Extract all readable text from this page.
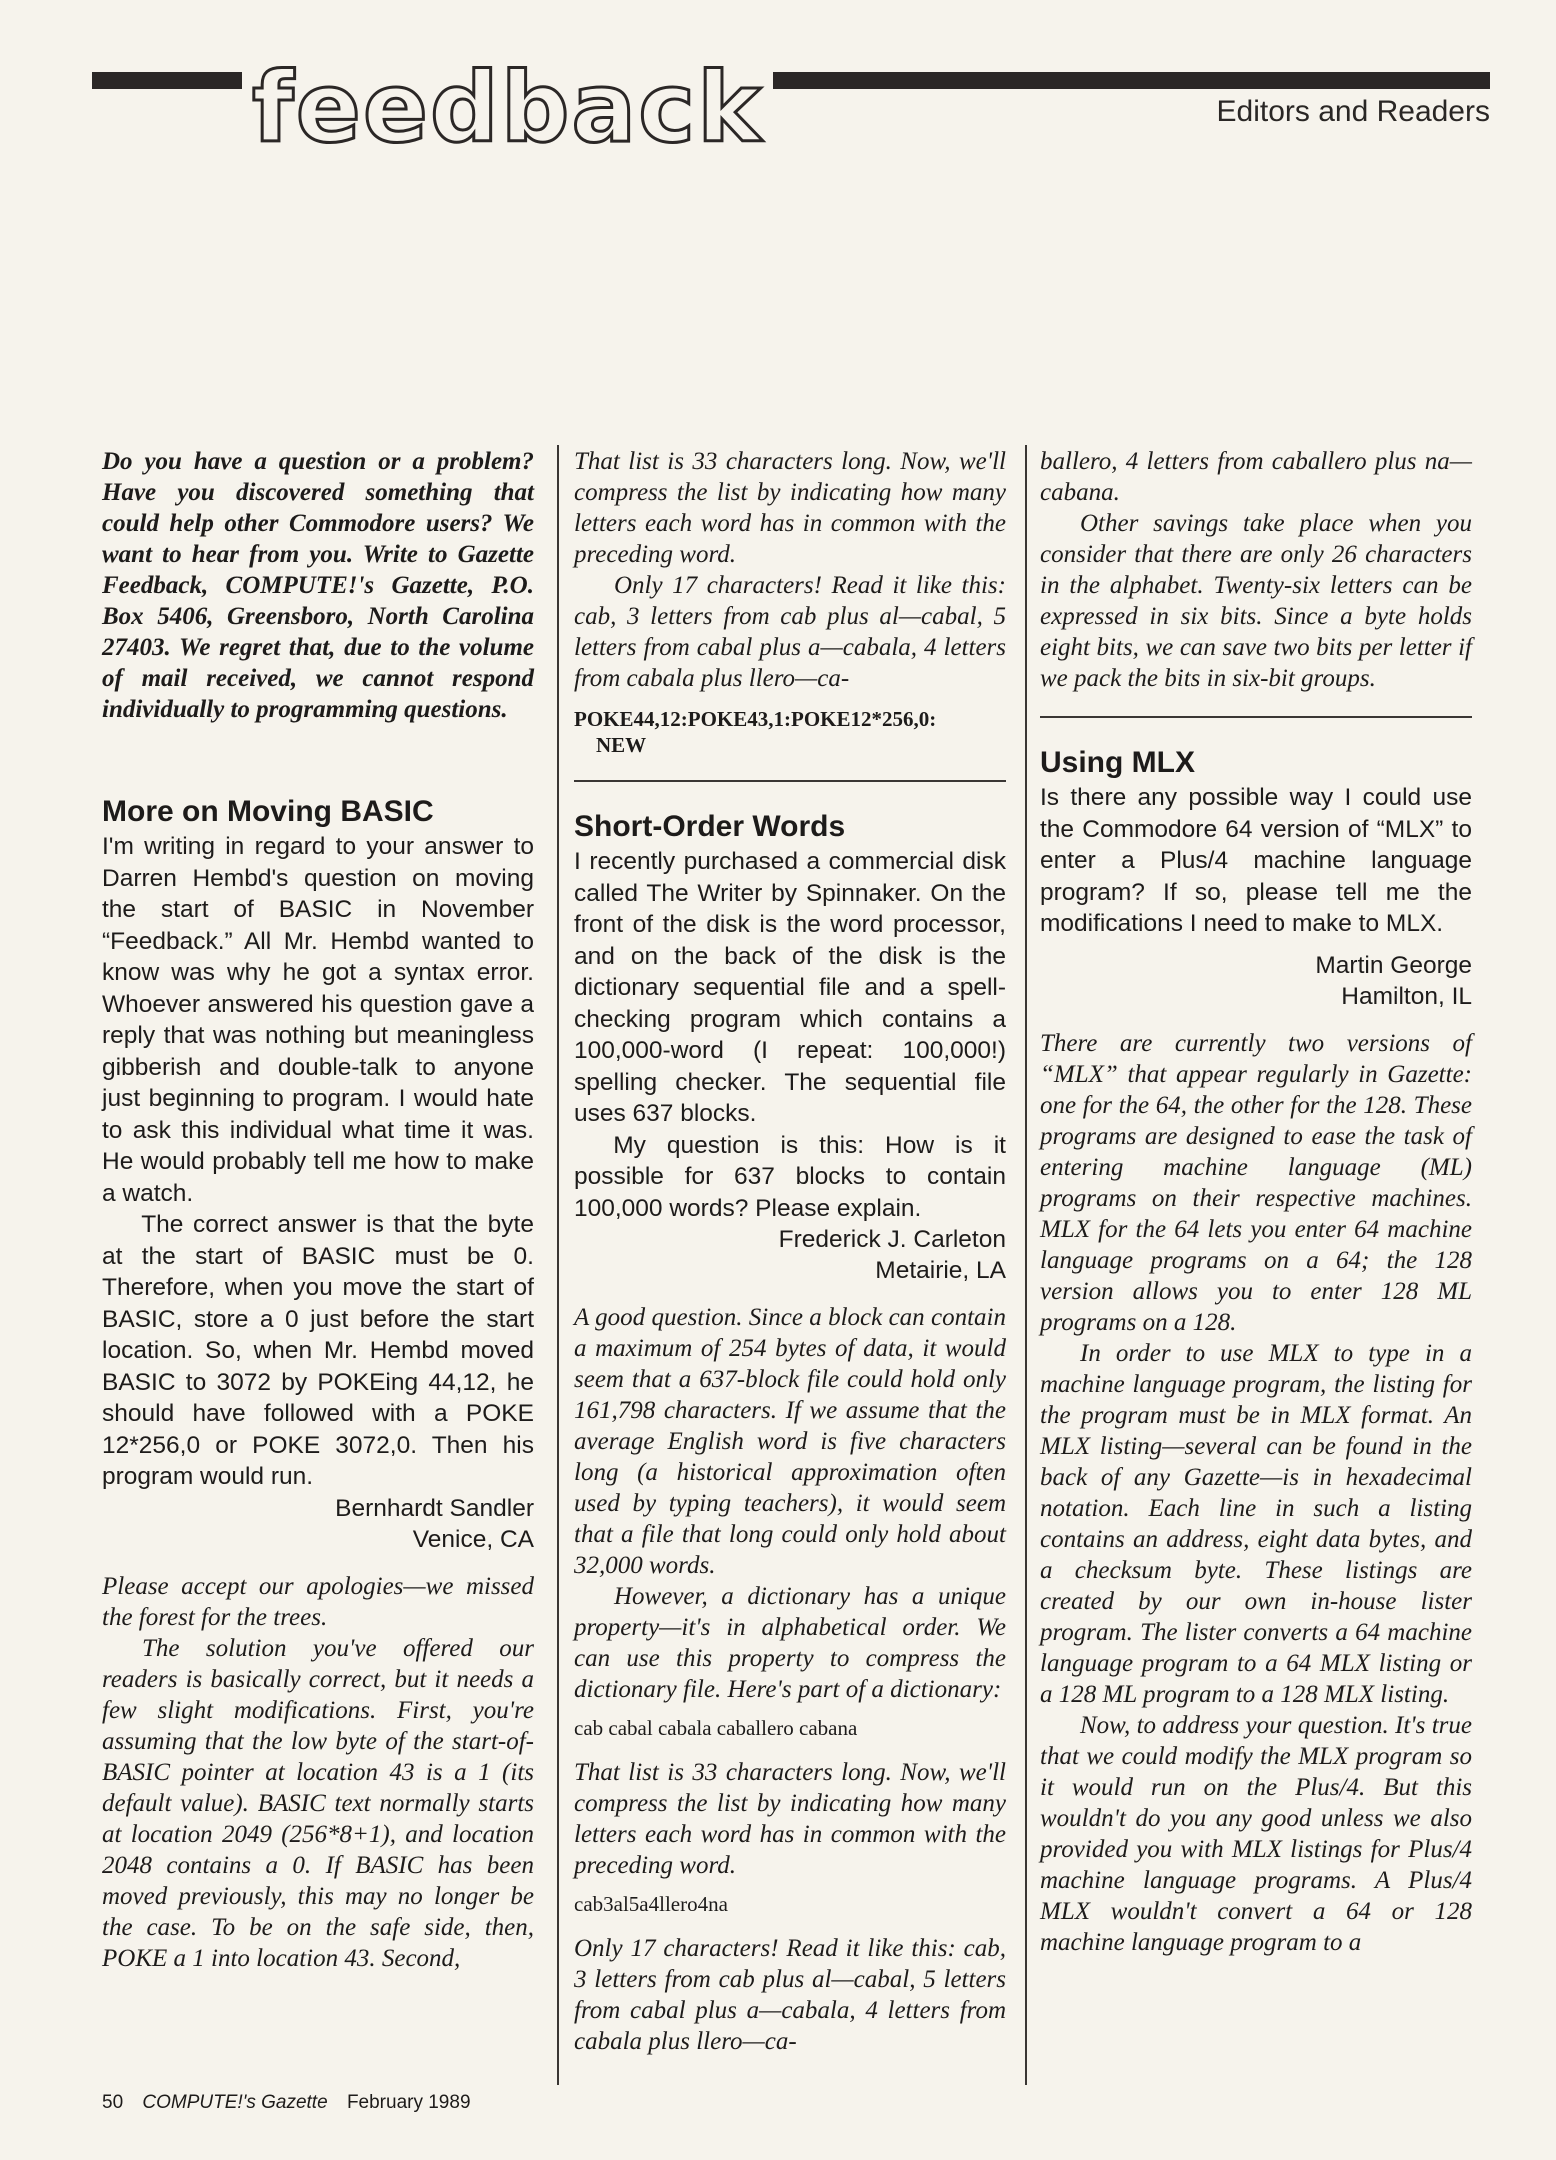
feedback	Editors and Readers

Do you have a question or a problem? Have you discovered something that could help other Commodore users? We want to hear from you. Write to Gazette Feedback, COMPUTE!'s Gazette, P.O. Box 5406, Greensboro, North Carolina 27403. We regret that, due to the volume of mail received, we cannot respond individually to programming questions.

More on Moving BASIC

I'm writing in regard to your answer to Darren Hembd's question on moving the start of BASIC in November “Feedback.” All Mr. Hembd wanted to know was why he got a syntax error. Whoever answered his question gave a reply that was nothing but meaningless gibberish and double-talk to anyone just beginning to program. I would hate to ask this individual what time it was. He would probably tell me how to make a watch.

The correct answer is that the byte at the start of BASIC must be 0. Therefore, when you move the start of BASIC, store a 0 just before the start location. So, when Mr. Hembd moved BASIC to 3072 by POKEing 44,12, he should have followed with a POKE 12*256,0 or POKE 3072,0. Then his program would run.

Bernhardt Sandler
Venice, CA

Please accept our apologies—we missed the forest for the trees.

The solution you've offered our readers is basically correct, but it needs a few slight modifications. First, you're assuming that the low byte of the start-of-BASIC pointer at location 43 is a 1 (its default value). BASIC text normally starts at location 2049 (256*8+1), and location 2048 contains a 0. If BASIC has been moved previously, this may no longer be the case. To be on the safe side, then, POKE a 1 into location 43. Second,

That list is 33 characters long. Now, we'll compress the list by indicating how many letters each word has in common with the preceding word.

Only 17 characters! Read it like this: cab, 3 letters from cab plus al—cabal, 5 letters from cabal plus a—cabala, 4 letters from cabala plus llero—ca-

POKE44,12:POKE43,1:POKE12*256,0:
NEW
Short-Order Words

I recently purchased a commercial disk called The Writer by Spinnaker. On the front of the disk is the word processor, and on the back of the disk is the dictionary sequential file and a spell-checking program which contains a 100,000-word (I repeat: 100,000!) spelling checker. The sequential file uses 637 blocks.

My question is this: How is it possible for 637 blocks to contain 100,000 words? Please explain.

Frederick J. Carleton
Metairie, LA

A good question. Since a block can contain a maximum of 254 bytes of data, it would seem that a 637-block file could hold only 161,798 characters. If we assume that the average English word is five characters long (a historical approximation often used by typing teachers), it would seem that a file that long could only hold about 32,000 words.

However, a dictionary has a unique property—it's in alphabetical order. We can use this property to compress the dictionary file. Here's part of a dictionary:

cab cabal cabala caballero cabana

That list is 33 characters long. Now, we'll compress the list by indicating how many letters each word has in common with the preceding word.

cab3al5a4llero4na

Only 17 characters! Read it like this: cab, 3 letters from cab plus al—cabal, 5 letters from cabal plus a—cabala, 4 letters from cabala plus llero—ca-

ballero, 4 letters from caballero plus na—cabana.

Other savings take place when you consider that there are only 26 characters in the alphabet. Twenty-six letters can be expressed in six bits. Since a byte holds eight bits, we can save two bits per letter if we pack the bits in six-bit groups.

Using MLX

Is there any possible way I could use the Commodore 64 version of “MLX” to enter a Plus/4 machine language program? If so, please tell me the modifications I need to make to MLX.

Martin George
Hamilton, IL

There are currently two versions of “MLX” that appear regularly in Gazette: one for the 64, the other for the 128. These programs are designed to ease the task of entering machine language (ML) programs on their respective machines. MLX for the 64 lets you enter 64 machine language programs on a 64; the 128 version allows you to enter 128 ML programs on a 128.

In order to use MLX to type in a machine language program, the listing for the program must be in MLX format. An MLX listing—several can be found in the back of any Gazette—is in hexadecimal notation. Each line in such a listing contains an address, eight data bytes, and a checksum byte. These listings are created by our own in-house lister program. The lister converts a 64 machine language program to a 64 MLX listing or a 128 ML program to a 128 MLX listing.

Now, to address your question. It's true that we could modify the MLX program so it would run on the Plus/4. But this wouldn't do you any good unless we also provided you with MLX listings for Plus/4 machine language programs. A Plus/4 MLX wouldn't convert a 64 or 128 machine language program to a

50 COMPUTE!'s Gazette February 1989
